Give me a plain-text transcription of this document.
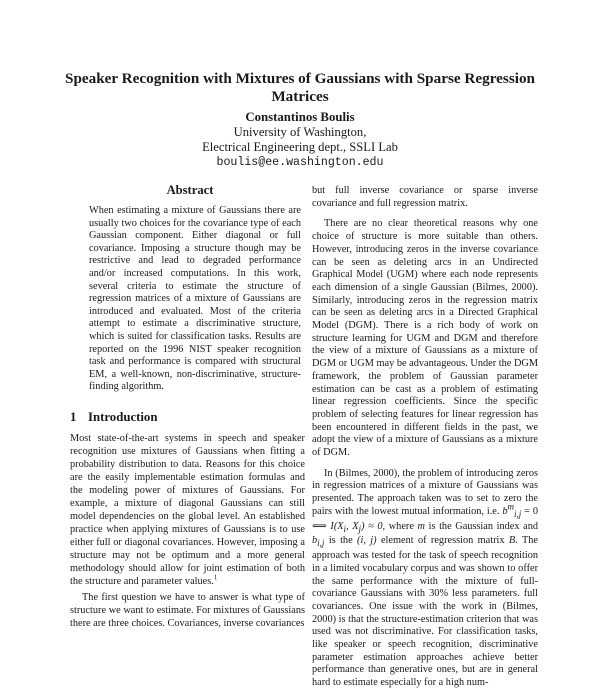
Speaker Recognition with Mixtures of Gaussians with Sparse Regression Matrices
Constantinos Boulis
University of Washington,
Electrical Engineering dept., SSLI Lab
boulis@ee.washington.edu
Abstract
When estimating a mixture of Gaussians there are usually two choices for the covariance type of each Gaussian component. Either diagonal or full covariance. Imposing a structure though may be restrictive and lead to degraded performance and/or increased computations. In this work, several criteria to estimate the structure of regression matrices of a mixture of Gaussians are introduced and evaluated. Most of the criteria attempt to estimate a discriminative structure, which is suited for classification tasks. Results are reported on the 1996 NIST speaker recognition task and performance is compared with structural EM, a well-known, non-discriminative, structure-finding algorithm.
1 Introduction

Most state-of-the-art systems in speech and speaker recognition use mixtures of Gaussians when fitting a probability distribution to data. Reasons for this choice are the easily implementable estimation formulas and the modeling power of mixtures of Gaussians. For example, a mixture of diagonal Gaussians can still model dependencies on the global level. An established practice when applying mixtures of Gaussians is to use either full or diagonal covariances. However, imposing a structure may not be optimum and a more general methodology should allow for joint estimation of both the structure and parameter values.$^1$

The first question we have to answer is what type of structure we want to estimate. For mixtures of Gaussians there are three choices. Covariances, inverse covariances

but full inverse covariance or sparse inverse covariance and full regression matrix.

There are no clear theoretical reasons why one choice of structure is more suitable than others. However, introducing zeros in the inverse covariance can be seen as deleting arcs in an Undirected Graphical Model (UGM) where each node represents each dimension of a single Gaussian (Bilmes, 2000). Similarly, introducing zeros in the regression matrix can be seen as deleting arcs in a Directed Graphical Model (DGM). There is a rich body of work on structure learning for UGM and DGM and therefore the view of a mixture of Gaussians as a mixture of DGM or UGM may be advantageous. Under the DGM framework, the problem of Gaussian parameter estimation can be cast as a problem of estimating linear regression coefficients. Since the specific problem of selecting features for linear regression has been encountered in different fields in the past, we adopt the view of a mixture of Gaussians as a mixture of DGM.

In (Bilmes, 2000), the problem of introducing zeros in regression matrices of a mixture of Gaussians was presented. The approach taken was to set to zero the pairs with the lowest mutual information, i.e. $b^m_{i,j} = 0$ ⟺ $I(X_i$, $X_j) \approx 0$, where m is the Gaussian index and $b_{i,j}$ is the (i, j) element of regression matrix B. The approach was tested for the task of speech recognition in a limited vocabulary corpus and was shown to offer the same performance with the mixture of full-covariance Gaussians with 30% less parameters. full covariances. One issue with the work in (Bilmes, 2000) is that the structure-estimation criterion that was used was not discriminative. For classification tasks, like speaker or speech recognition, discriminative parameter estimation approaches achieve better performance than generative ones, but are in general hard to estimate especially for a high num-
